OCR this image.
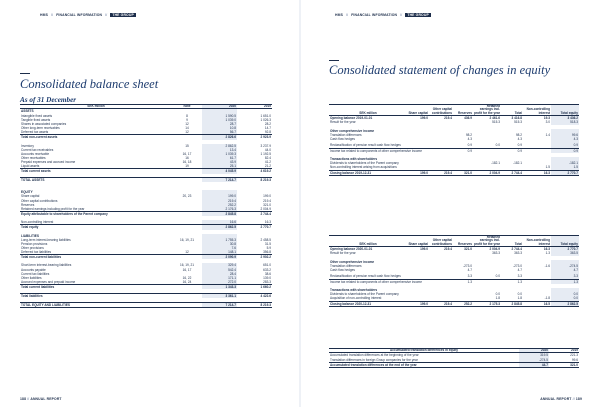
HMS // FINANCIAL INFORMATION //	THE GROUP
Consolidated balance sheet
As of 31 December
SEK million	Note	2020	2019
ASSETS			
Intangible fixed assets	8	1 590.5	1 651.0
Tangible fixed assets	9	1 039.0	1 026.3
Shares in associated companies	12	28.7	28.2
Other long-term receivables	14	10.8	14.7
Deferred tax assets	12	56.7	92.8
Total non-current assets		2 826.6	2 923.9

Inventory	15	2 862.5	3 237.9
Current tax receivables		13.4	44.0
Accounts receivable	16, 17	1 039.3	1 192.5
Other receivables	16	61.7	82.4
Prepaid expenses and accrued income	16, 18	43.9	41.2
Liquid assets	19	25.1	21.2
Total current assets		4 045.9	4 619.2

TOTAL ASSETS		7 214.7	8 219.3

EQUITY			
Share capital	20, 23	199.0	199.0
Other capital contributions		219.4	219.4
Reserves		252.2	321.0
Retained earnings including profit for the year		2 176.3	2 004.9
Equity attributable to shareholders of the Parent company		2 845.8	2 744.4

Non-controlling interest		16.6	16.3
Total equity		2 862.5	2 770.7

LIABILITIES			
Long-term interest-bearing liabilities	16, 19, 21	1 755.3	2 458.5
Pension provisions		30.8	31.5
Other provisions		7.6	5.9
Deferred tax liabilities	12	148.1	356.8
Total non-current liabilities		2 090.9	2 902.2

Short-term interest-bearing liabilities	16, 19, 21	329.4	651.0
Accounts payable	16, 17	542.4	633.2
Current tax liabilities		28.4	38.6
Other liabilities	16, 22	171.1	139.0
Accrued expenses and prepaid income	16, 24	272.0	283.3
Total current liabilities		1 343.3	1 660.2

Total liabilities		3 361.1	4 422.6

TOTAL EQUITY AND LIABILITIES		7 214.7	8 219.3
188 // ANNUAL REPORT
HMS // FINANCIAL INFORMATION //	THE GROUP
Consolidated statement of changes in equity
SEK million	Share capital	Other capital contributions	Reserves	Retained earnings incl. profit for the year	Total	Non-controlling interest	Total equity
Opening balance 2019-01-01	199.0	219.4	436.9	2 461.6	3 416.8	19.3	3 436.2
Result for the year				515.3	515.3	3.0	518.3

Other comprehensive income							
Translation differences			98.2		98.2	1.4	99.6
Cash flow hedges			4.3		4.3		4.3
Reclassification of pension result cash flow hedges			0.9	0.0	0.9		0.9
Income tax related to components of other comprehensive income			0.9		0.9		0.9

Transactions with shareholders							
Dividends to shareholders of the Parent company				-182.1	-182.1		-182.1
Non-controlling interest arising from acquisitions						1.5	1.5
Closing balance 2019-12-31	199.0	219.4	321.0	2 004.9	2 744.4	16.3	2 770.7
SEK million	Share capital	Other capital contributions	Reserves	Retained earnings incl. profit for the year	Total	Non-controlling interest	Total equity
Opening balance 2020-01-01	199.0	219.4	321.0	2 004.9	2 744.4	16.3	2 770.7
Result for the year				363.3	363.3	1.3	363.5

Other comprehensive income							
Translation differences			-273.0		-273.0	-1.6	-274.5
Cash flow hedges			4.7		4.7		4.7
Reclassification of pension result cash flow hedges			3.3	0.0	3.3		3.3
Income tax related to components of other comprehensive income			1.3		1.3		1.3

Transactions with shareholders							
Dividends to shareholders of the Parent company				0.0	0.0		0.0
Acquisition of non-controlling interest				1.8	1.8	-1.8	0.0
Closing balance 2020-12-31	199.0	219.4	252.2	2 175.3	2 845.8	16.5	2 862.5
Accumulated translation differences in equity	2020	2019
Accumulated translation differences at the beginning of the year	319.5	221.3
Translation differences in foreign Group companies for the year	-274.5	99.6
Accumulated translation differences at the end of the year	44.7	321.0
ANNUAL REPORT // 189
